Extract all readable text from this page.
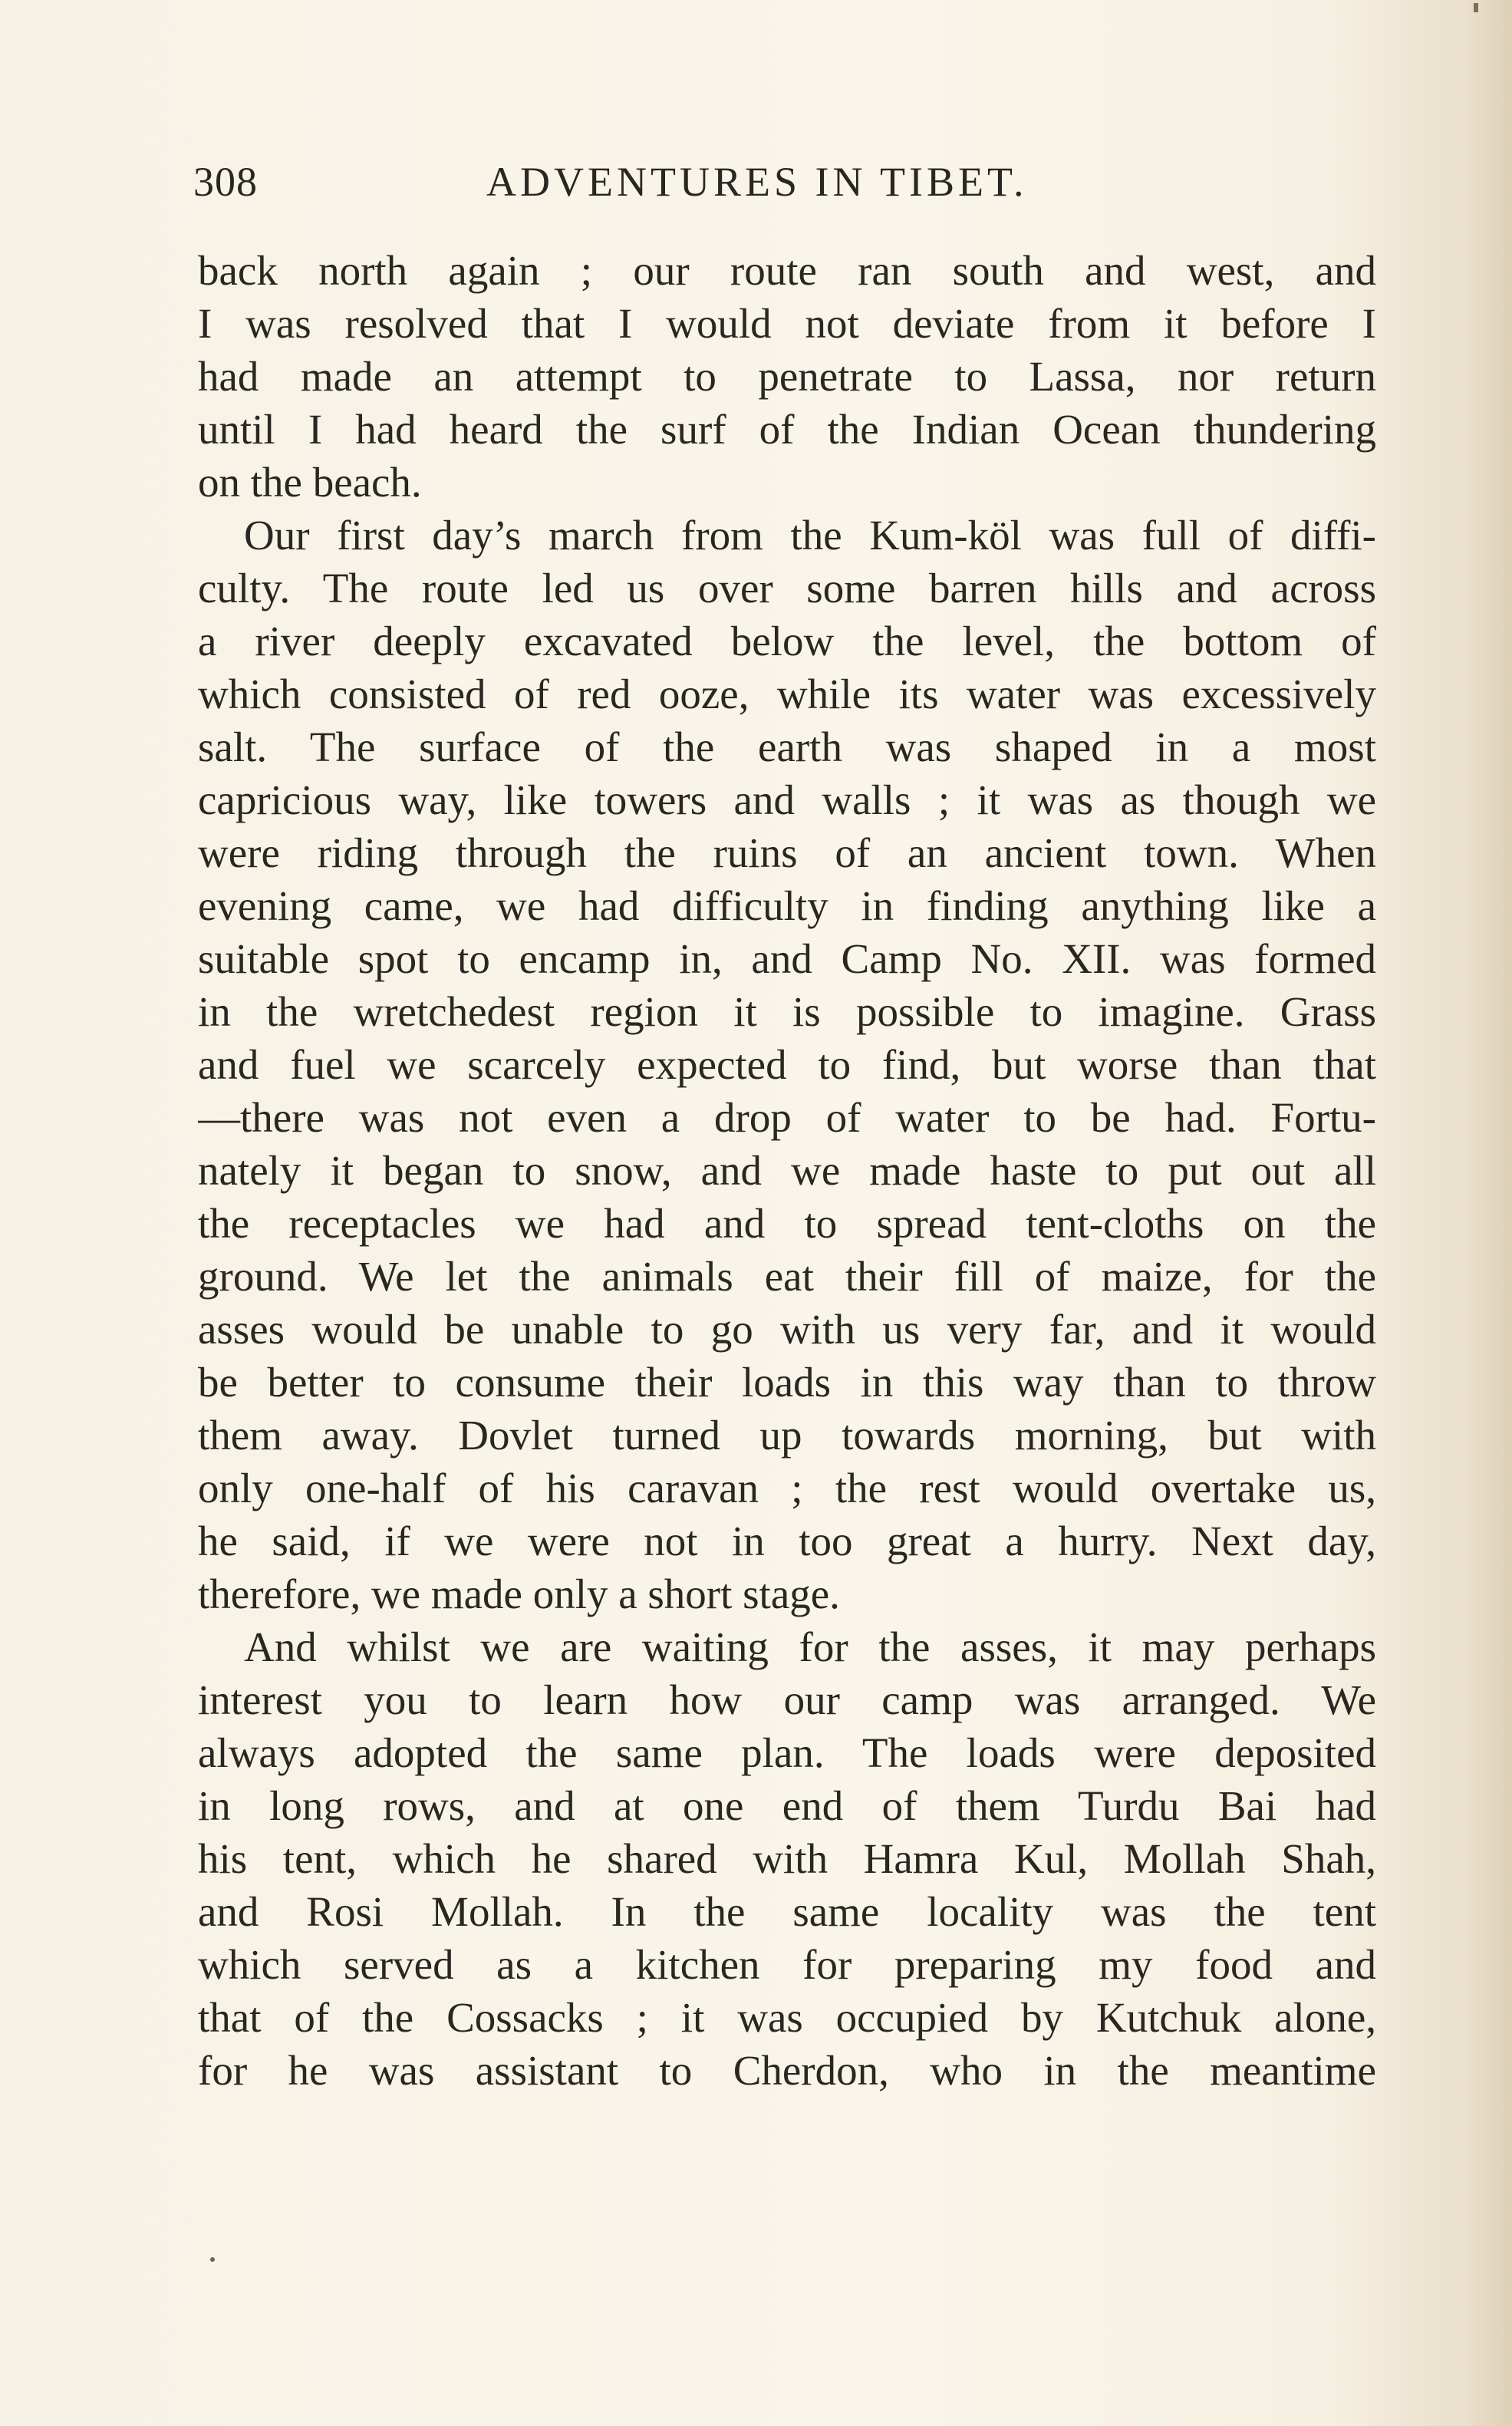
308	ADVENTURES IN TIBET.
back north again ; our route ran south and west, and
I was resolved that I would not deviate from it before I
had made an attempt to penetrate to Lassa, nor return
until I had heard the surf of the Indian Ocean thundering
on the beach.
Our first day’s march from the Kum-köl was full of diffi-
culty. The route led us over some barren hills and across
a river deeply excavated below the level, the bottom of
which consisted of red ooze, while its water was excessively
salt. The surface of the earth was shaped in a most
capricious way, like towers and walls ; it was as though we
were riding through the ruins of an ancient town. When
evening came, we had difficulty in finding anything like a
suitable spot to encamp in, and Camp No. XII. was formed
in the wretchedest region it is possible to imagine. Grass
and fuel we scarcely expected to find, but worse than that
—there was not even a drop of water to be had. Fortu-
nately it began to snow, and we made haste to put out all
the receptacles we had and to spread tent-cloths on the
ground. We let the animals eat their fill of maize, for the
asses would be unable to go with us very far, and it would
be better to consume their loads in this way than to throw
them away. Dovlet turned up towards morning, but with
only one-half of his caravan ; the rest would overtake us,
he said, if we were not in too great a hurry. Next day,
therefore, we made only a short stage.
And whilst we are waiting for the asses, it may perhaps
interest you to learn how our camp was arranged. We
always adopted the same plan. The loads were deposited
in long rows, and at one end of them Turdu Bai had
his tent, which he shared with Hamra Kul, Mollah Shah,
and Rosi Mollah. In the same locality was the tent
which served as a kitchen for preparing my food and
that of the Cossacks ; it was occupied by Kutchuk alone,
for he was assistant to Cherdon, who in the meantime
